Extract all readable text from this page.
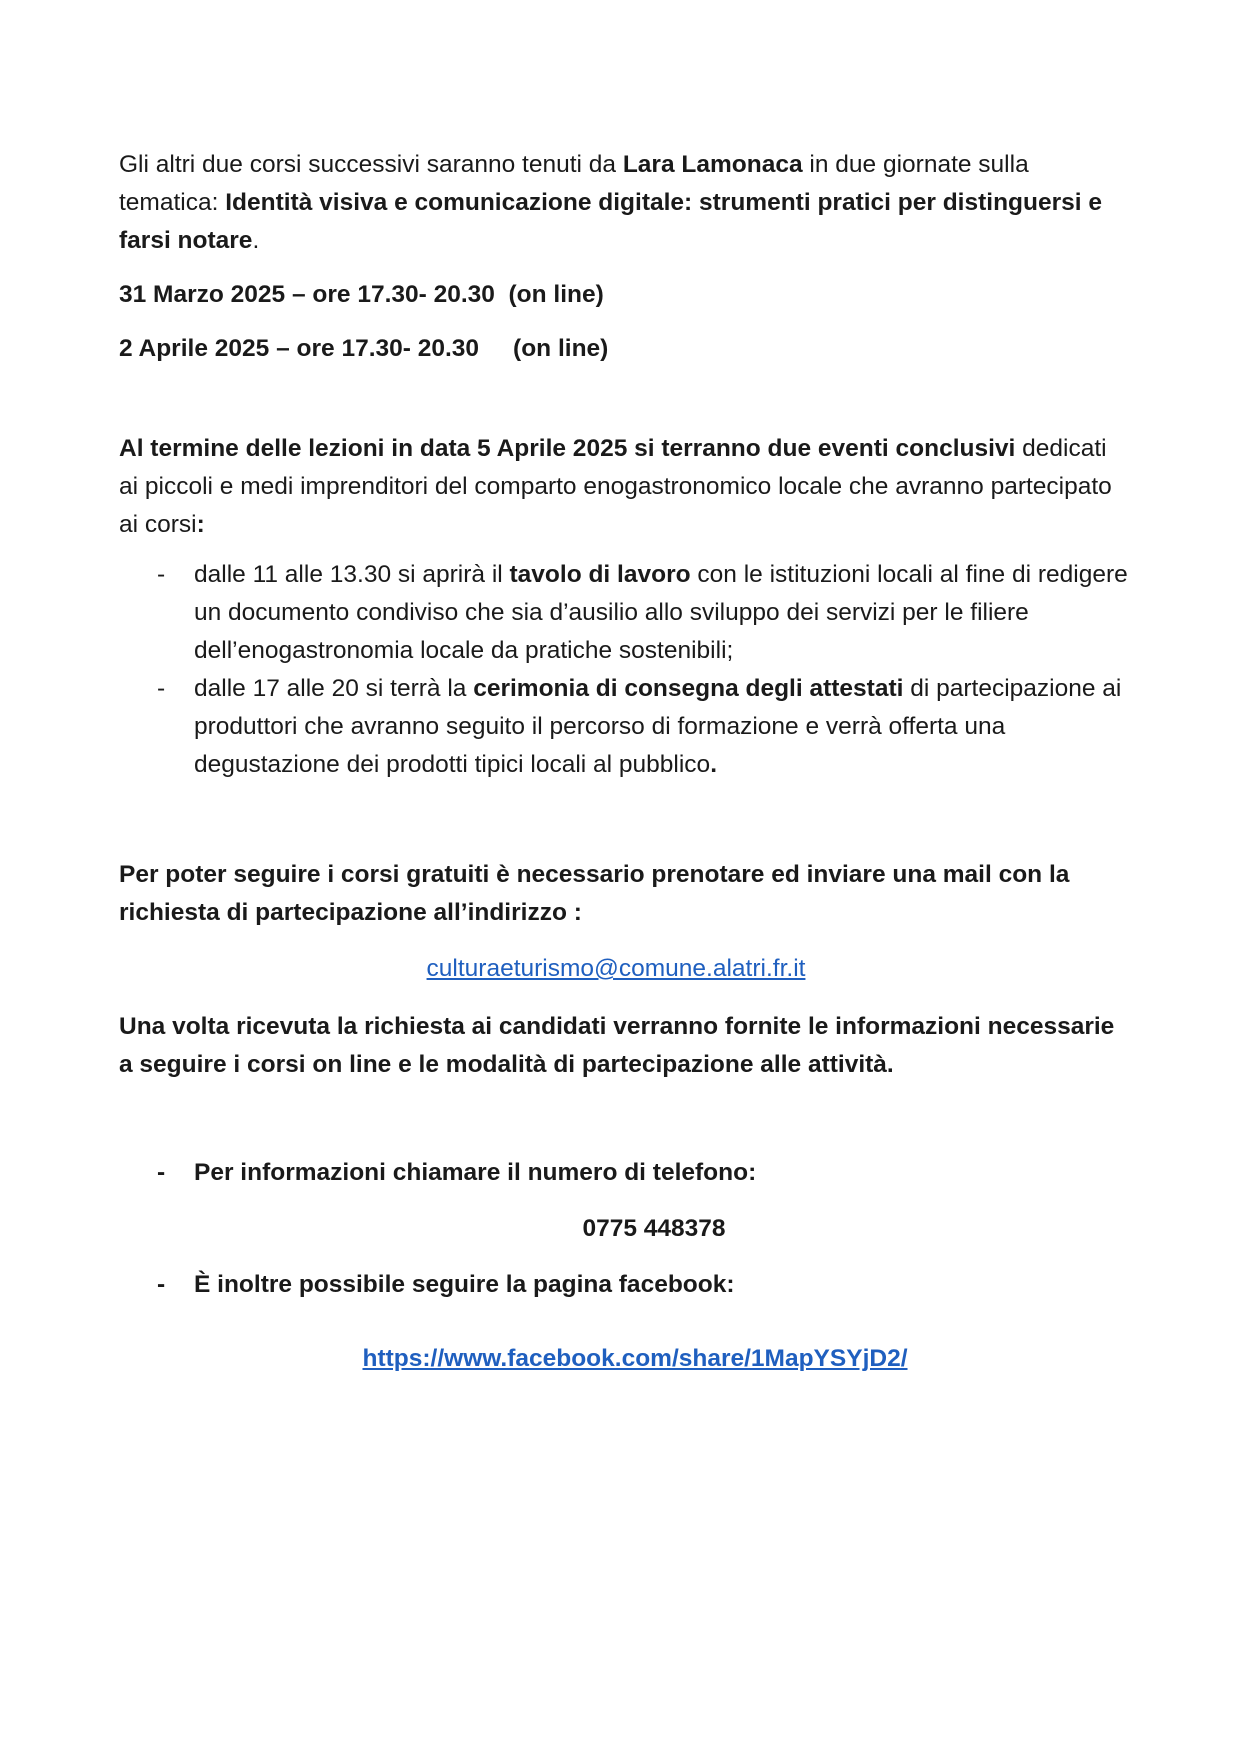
Gli altri due corsi successivi saranno tenuti da Lara Lamonaca in due giornate sulla tematica: Identità visiva e comunicazione digitale: strumenti pratici per distinguersi e farsi notare.

31 Marzo 2025 – ore 17.30- 20.30  (on line)

2 Aprile 2025 – ore 17.30- 20.30     (on line)

Al termine delle lezioni in data 5 Aprile 2025 si terranno due eventi conclusivi dedicati ai piccoli e medi imprenditori del comparto enogastronomico locale che avranno partecipato ai corsi:

- dalle 11 alle 13.30 si aprirà il tavolo di lavoro con le istituzioni locali al fine di redigere un documento condiviso che sia d’ausilio allo sviluppo dei servizi per le filiere dell’enogastronomia locale da pratiche sostenibili;
- dalle 17 alle 20 si terrà la cerimonia di consegna degli attestati di partecipazione ai produttori che avranno seguito il percorso di formazione e verrà offerta una degustazione dei prodotti tipici locali al pubblico.

Per poter seguire i corsi gratuiti è necessario prenotare ed inviare una mail con la richiesta di partecipazione all’indirizzo :

culturaeturismo@comune.alatri.fr.it

Una volta ricevuta la richiesta ai candidati verranno fornite le informazioni necessarie a seguire i corsi on line e le modalità di partecipazione alle attività.

- Per informazioni chiamare il numero di telefono:

0775 448378

- È inoltre possibile seguire la pagina facebook:

https://www.facebook.com/share/1MapYSYjD2/
